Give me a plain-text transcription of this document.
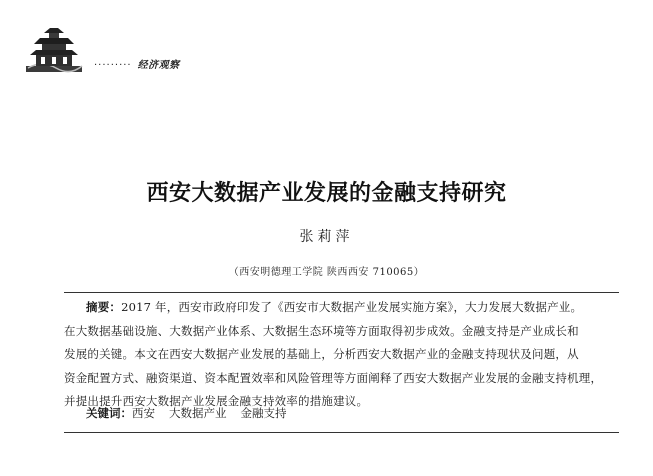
········· 经济观察
西安大数据产业发展的金融支持研究
张莉萍
（西安明德理工学院 陕西西安 710065）
摘要：2017 年，西安市政府印发了《西安市大数据产业发展实施方案》，大力发展大数据产业。
在大数据基础设施、大数据产业体系、大数据生态环境等方面取得初步成效。金融支持是产业成长和
发展的关键。本文在西安大数据产业发展的基础上，分析西安大数据产业的金融支持现状及问题，从
资金配置方式、融资渠道、资本配置效率和风险管理等方面阐释了西安大数据产业发展的金融支持机理，
并提出提升西安大数据产业发展金融支持效率的措施建议。
关键词：西安 大数据产业 金融支持
